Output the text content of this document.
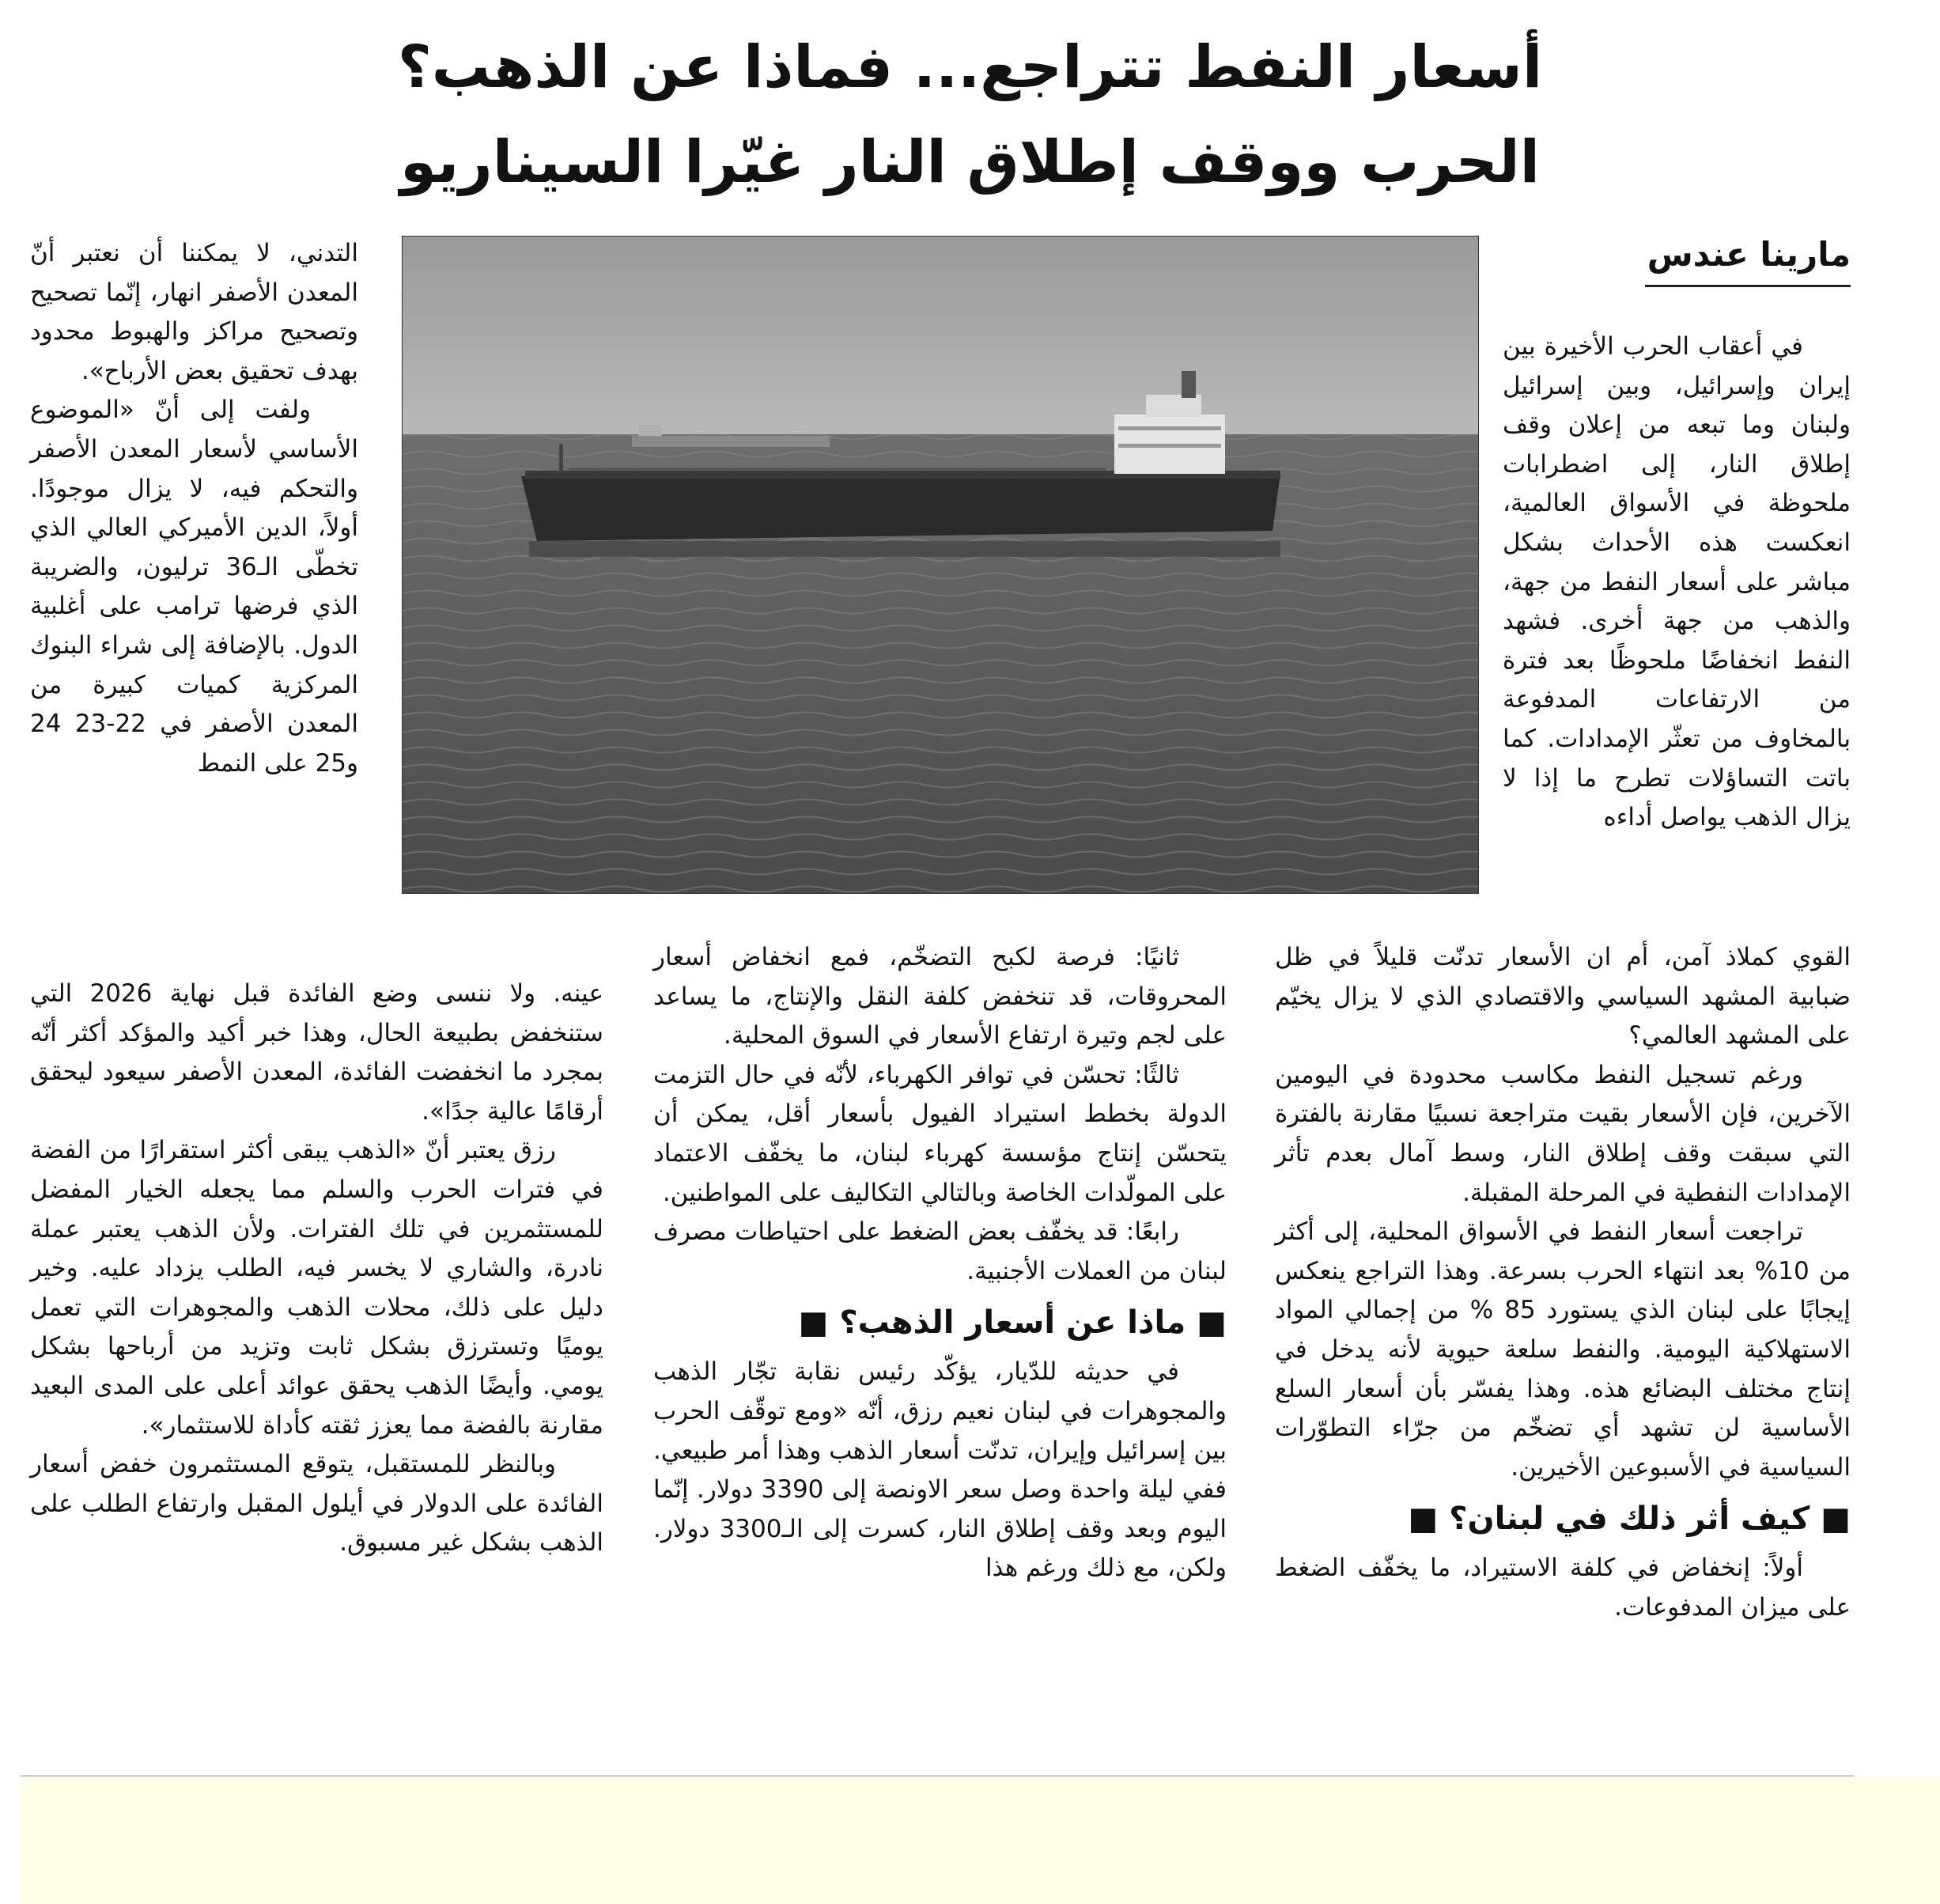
أسعار النفط تتراجع... فماذا عن الذهب؟
الحرب ووقف إطلاق النار غيّرا السيناريو
مارينا عندس

في أعقاب الحرب الأخيرة بين إيران وإسرائيل، وبين إسرائيل ولبنان وما تبعه من إعلان وقف إطلاق النار، إلى اضطرابات ملحوظة في الأسواق العالمية، انعكست هذه الأحداث بشكل مباشر على أسعار النفط من جهة، والذهب من جهة أخرى. فشهد النفط انخفاضًا ملحوظًا بعد فترة من الارتفاعات المدفوعة بالمخاوف من تعثّر الإمدادات. كما باتت التساؤلات تطرح ما إذا لا يزال الذهب يواصل أداءه

القوي كملاذ آمن، أم ان الأسعار تدنّت قليلاً في ظل ضبابية المشهد السياسي والاقتصادي الذي لا يزال يخيّم على المشهد العالمي؟

ورغم تسجيل النفط مكاسب محدودة في اليومين الآخرين، فإن الأسعار بقيت متراجعة نسبيًا مقارنة بالفترة التي سبقت وقف إطلاق النار، وسط آمال بعدم تأثر الإمدادات النفطية في المرحلة المقبلة.

تراجعت أسعار النفط في الأسواق المحلية، إلى أكثر من 10% بعد انتهاء الحرب بسرعة. وهذا التراجع ينعكس إيجابًا على لبنان الذي يستورد 85 % من إجمالي المواد الاستهلاكية اليومية. والنفط سلعة حيوية لأنه يدخل في إنتاج مختلف البضائع هذه. وهذا يفسّر بأن أسعار السلع الأساسية لن تشهد أي تضخّم من جرّاء التطوّرات السياسية في الأسبوعين الأخيرين.

■ كيف أثر ذلك في لبنان؟ ■

أولاً: إنخفاض في كلفة الاستيراد، ما يخفّف الضغط على ميزان المدفوعات.

ثانيًا: فرصة لكبح التضخّم، فمع انخفاض أسعار المحروقات، قد تنخفض كلفة النقل والإنتاج، ما يساعد على لجم وتيرة ارتفاع الأسعار في السوق المحلية.

ثالثًا: تحسّن في توافر الكهرباء، لأنّه في حال التزمت الدولة بخطط استيراد الفيول بأسعار أقل، يمكن أن يتحسّن إنتاج مؤسسة كهرباء لبنان، ما يخفّف الاعتماد على المولّدات الخاصة وبالتالي التكاليف على المواطنين.

رابعًا: قد يخفّف بعض الضغط على احتياطات مصرف لبنان من العملات الأجنبية.

■ ماذا عن أسعار الذهب؟ ■

في حديثه للدّيار، يؤكّد رئيس نقابة تجّار الذهب والمجوهرات في لبنان نعيم رزق، أنّه «ومع توقّف الحرب بين إسرائيل وإيران، تدنّت أسعار الذهب وهذا أمر طبيعي. ففي ليلة واحدة وصل سعر الاونصة إلى 3390 دولار. إنّما اليوم وبعد وقف إطلاق النار، كسرت إلى الـ3300 دولار. ولكن، مع ذلك ورغم هذا

التدني، لا يمكننا أن نعتبر أنّ المعدن الأصفر انهار، إنّما تصحيح وتصحيح مراكز والهبوط محدود بهدف تحقيق بعض الأرباح».

ولفت إلى أنّ «الموضوع الأساسي لأسعار المعدن الأصفر والتحكم فيه، لا يزال موجودًا. أولاً، الدين الأميركي العالي الذي تخطّى الـ36 ترليون، والضريبة الذي فرضها ترامب على أغلبية الدول. بالإضافة إلى شراء البنوك المركزية كميات كبيرة من المعدن الأصفر في 22-23 24 و25 على النمط

عينه. ولا ننسى وضع الفائدة قبل نهاية 2026 التي ستنخفض بطبيعة الحال، وهذا خبر أكيد والمؤكد أكثر أنّه بمجرد ما انخفضت الفائدة، المعدن الأصفر سيعود ليحقق أرقامًا عالية جدًا».

رزق يعتبر أنّ «الذهب يبقى أكثر استقرارًا من الفضة في فترات الحرب والسلم مما يجعله الخيار المفضل للمستثمرين في تلك الفترات. ولأن الذهب يعتبر عملة نادرة، والشاري لا يخسر فيه، الطلب يزداد عليه. وخير دليل على ذلك، محلات الذهب والمجوهرات التي تعمل يوميًا وتسترزق بشكل ثابت وتزيد من أرباحها بشكل يومي. وأيضًا الذهب يحقق عوائد أعلى على المدى البعيد مقارنة بالفضة مما يعزز ثقته كأداة للاستثمار».

وبالنظر للمستقبل، يتوقع المستثمرون خفض أسعار الفائدة على الدولار في أيلول المقبل وارتفاع الطلب على الذهب بشكل غير مسبوق.
